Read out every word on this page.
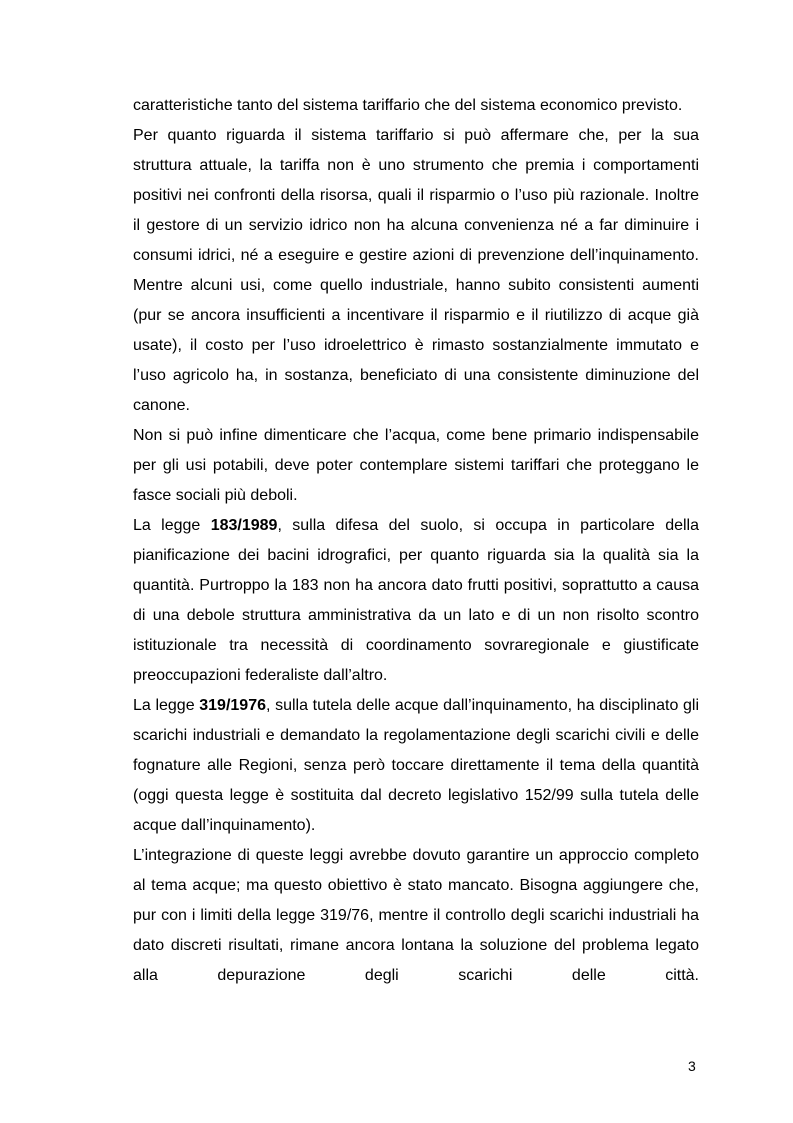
caratteristiche tanto del sistema tariffario che del sistema economico previsto.

Per quanto riguarda il sistema tariffario si può affermare che, per la sua struttura attuale, la tariffa non è uno strumento che premia i comportamenti positivi nei confronti della risorsa, quali il risparmio o l’uso più razionale. Inoltre il gestore di un servizio idrico non ha alcuna convenienza né a far diminuire i consumi idrici, né a eseguire e gestire azioni di prevenzione dell’inquinamento. Mentre alcuni usi, come quello industriale, hanno subito consistenti aumenti (pur se ancora insufficienti a incentivare il risparmio e il riutilizzo di acque già usate), il costo per l’uso idroelettrico è rimasto sostanzialmente immutato e l’uso agricolo ha, in sostanza, beneficiato di una consistente diminuzione del canone.

Non si può infine dimenticare che l’acqua, come bene primario indispensabile per gli usi potabili, deve poter contemplare sistemi tariffari che proteggano le fasce sociali più deboli.

La legge 183/1989, sulla difesa del suolo, si occupa in particolare della pianificazione dei bacini idrografici, per quanto riguarda sia la qualità sia la quantità. Purtroppo la 183 non ha ancora dato frutti positivi, soprattutto a causa di una debole struttura amministrativa da un lato e di un non risolto scontro istituzionale tra necessità di coordinamento sovraregionale e giustificate preoccupazioni federaliste dall’altro.

La legge 319/1976, sulla tutela delle acque dall’inquinamento, ha disciplinato gli scarichi industriali e demandato la regolamentazione degli scarichi civili e delle fognature alle Regioni, senza però toccare direttamente il tema della quantità (oggi questa legge è sostituita dal decreto legislativo 152/99 sulla tutela delle acque dall’inquinamento).

L’integrazione di queste leggi avrebbe dovuto garantire un approccio completo al tema acque; ma questo obiettivo è stato mancato. Bisogna aggiungere che, pur con i limiti della legge 319/76, mentre il controllo degli scarichi industriali ha dato discreti risultati, rimane ancora lontana la soluzione del problema legato alla depurazione degli scarichi delle città.

3
